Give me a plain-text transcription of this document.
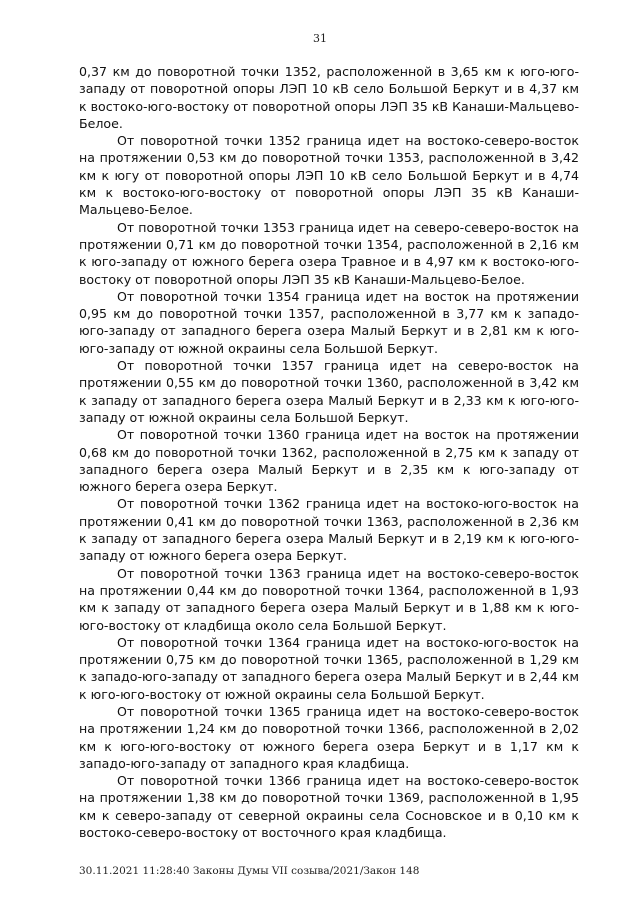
31

0,37 км до поворотной точки 1352, расположенной в 3,65 км к юго-юго-западу от поворотной опоры ЛЭП 10 кВ село Большой Беркут и в 4,37 км к востоко-юго-востоку от поворотной опоры ЛЭП 35 кВ Канаши-Мальцево-Белое.

От поворотной точки 1352 граница идет на востоко-северо-восток на протяжении 0,53 км до поворотной точки 1353, расположенной в 3,42 км к югу от поворотной опоры ЛЭП 10 кВ село Большой Беркут и в 4,74 км к востоко-юго-востоку от поворотной опоры ЛЭП 35 кВ Канаши-Мальцево-Белое.

От поворотной точки 1353 граница идет на северо-северо-восток на протяжении 0,71 км до поворотной точки 1354, расположенной в 2,16 км к юго-западу от южного берега озера Травное и в 4,97 км к востоко-юго-востоку от поворотной опоры ЛЭП 35 кВ Канаши-Мальцево-Белое.

От поворотной точки 1354 граница идет на восток на протяжении 0,95 км до поворотной точки 1357, расположенной в 3,77 км к западо-юго-западу от западного берега озера Малый Беркут и в 2,81 км к юго-юго-западу от южной окраины села Большой Беркут.

От поворотной точки 1357 граница идет на северо-восток на протяжении 0,55 км до поворотной точки 1360, расположенной в 3,42 км к западу от западного берега озера Малый Беркут и в 2,33 км к юго-юго-западу от южной окраины села Большой Беркут.

От поворотной точки 1360 граница идет на восток на протяжении 0,68 км до поворотной точки 1362, расположенной в 2,75 км к западу от западного берега озера Малый Беркут и в 2,35 км к юго-западу от южного берега озера Беркут.

От поворотной точки 1362 граница идет на востоко-юго-восток на протяжении 0,41 км до поворотной точки 1363, расположенной в 2,36 км к западу от западного берега озера Малый Беркут и в 2,19 км к юго-юго-западу от южного берега озера Беркут.

От поворотной точки 1363 граница идет на востоко-северо-восток на протяжении 0,44 км до поворотной точки 1364, расположенной в 1,93 км к западу от западного берега озера Малый Беркут и в 1,88 км к юго-юго-востоку от кладбища около села Большой Беркут.

От поворотной точки 1364 граница идет на востоко-юго-восток на протяжении 0,75 км до поворотной точки 1365, расположенной в 1,29 км к западо-юго-западу от западного берега озера Малый Беркут и в 2,44 км к юго-юго-востоку от южной окраины села Большой Беркут.

От поворотной точки 1365 граница идет на востоко-северо-восток на протяжении 1,24 км до поворотной точки 1366, расположенной в 2,02 км к юго-юго-востоку от южного берега озера Беркут и в 1,17 км к западо-юго-западу от западного края кладбища.

От поворотной точки 1366 граница идет на востоко-северо-восток на протяжении 1,38 км до поворотной точки 1369, расположенной в 1,95 км к северо-западу от северной окраины села Сосновское и в 0,10 км к востоко-северо-востоку от восточного края кладбища.

30.11.2021 11:28:40 Законы Думы VII созыва/2021/Закон 148
